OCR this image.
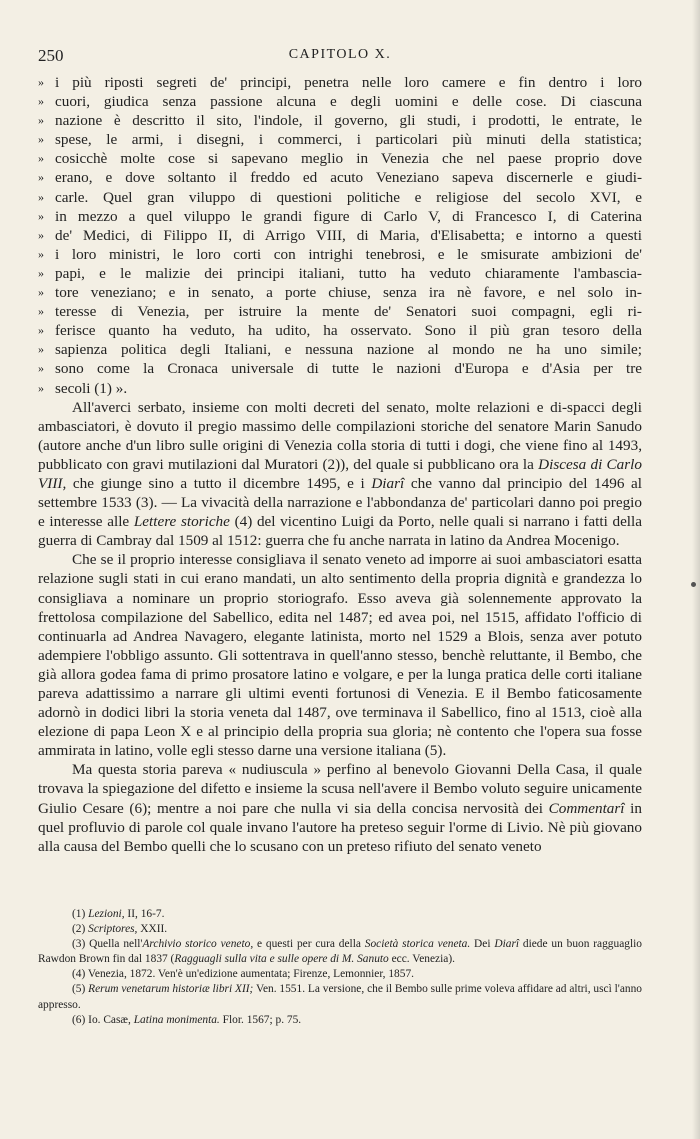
250	CAPITOLO X.
» i più riposti segreti de' principi, penetra nelle loro camere e fin dentro i loro
» cuori, giudica senza passione alcuna e degli uomini e delle cose. Di ciascuna
» nazione è descritto il sito, l'indole, il governo, gli studi, i prodotti, le entrate, le
» spese, le armi, i disegni, i commerci, i particolari più minuti della statistica;
» cosicchè molte cose si sapevano meglio in Venezia che nel paese proprio dove
» erano, e dove soltanto il freddo ed acuto Veneziano sapeva discernerle e giudi-
» carle. Quel gran viluppo di questioni politiche e religiose del secolo XVI, e
» in mezzo a quel viluppo le grandi figure di Carlo V, di Francesco I, di Caterina
» de' Medici, di Filippo II, di Arrigo VIII, di Maria, d'Elisabetta; e intorno a questi
» i loro ministri, le loro corti con intrighi tenebrosi, e le smisurate ambizioni de'
» papi, e le malizie dei principi italiani, tutto ha veduto chiaramente l'ambascia-
» tore veneziano; e in senato, a porte chiuse, senza ira nè favore, e nel solo in-
» teresse di Venezia, per istruire la mente de' Senatori suoi compagni, egli ri-
» ferisce quanto ha veduto, ha udito, ha osservato. Sono il più gran tesoro della
» sapienza politica degli Italiani, e nessuna nazione al mondo ne ha uno simile;
» sono come la Cronaca universale di tutte le nazioni d'Europa e d'Asia per tre
» secoli (1) ».

All'averci serbato, insieme con molti decreti del senato, molte relazioni e di-spacci degli ambasciatori, è dovuto il pregio massimo delle compilazioni storiche del senatore Marin Sanudo (autore anche d'un libro sulle origini di Venezia colla storia di tutti i dogi, che viene fino al 1493, pubblicato con gravi mutilazioni dal Muratori (2)), del quale si pubblicano ora la Discesa di Carlo VIII, che giunge sino a tutto il dicembre 1495, e i Diarî che vanno dal principio del 1496 al settembre 1533 (3). — La vivacità della narrazione e l'abbondanza de' particolari danno poi pregio e interesse alle Lettere storiche (4) del vicentino Luigi da Porto, nelle quali si narrano i fatti della guerra di Cambray dal 1509 al 1512: guerra che fu anche narrata in latino da Andrea Mocenigo.

Che se il proprio interesse consigliava il senato veneto ad imporre ai suoi ambasciatori esatta relazione sugli stati in cui erano mandati, un alto sentimento della propria dignità e grandezza lo consigliava a nominare un proprio storiografo. Esso aveva già solennemente approvato la frettolosa compilazione del Sabellico, edita nel 1487; ed avea poi, nel 1515, affidato l'officio di continuarla ad Andrea Navagero, elegante latinista, morto nel 1529 a Blois, senza aver potuto adempiere l'obbligo assunto. Gli sottentrava in quell'anno stesso, benchè reluttante, il Bembo, che già allora godea fama di primo prosatore latino e volgare, e per la lunga pratica delle corti italiane pareva adattissimo a narrare gli ultimi eventi fortunosi di Venezia. E il Bembo faticosamente adornò in dodici libri la storia veneta dal 1487, ove terminava il Sabellico, fino al 1513, cioè alla elezione di papa Leon X e al principio della propria sua gloria; nè contento che l'opera sua fosse ammirata in latino, volle egli stesso darne una versione italiana (5).

Ma questa storia pareva « nudiuscula » perfino al benevolo Giovanni Della Casa, il quale trovava la spiegazione del difetto e insieme la scusa nell'avere il Bembo voluto seguire unicamente Giulio Cesare (6); mentre a noi pare che nulla vi sia della concisa nervosità dei Commentarî in quel profluvio di parole col quale invano l'autore ha preteso seguir l'orme di Livio. Nè più giovano alla causa del Bembo quelli che lo scusano con un preteso rifiuto del senato veneto

(1) Lezioni, II, 16-7.

(2) Scriptores, XXII.

(3) Quella nell'Archivio storico veneto, e questi per cura della Società storica veneta. Dei Diarî diede un buon ragguaglio Rawdon Brown fin dal 1837 (Ragguagli sulla vita e sulle opere di M. Sanuto ecc. Venezia).

(4) Venezia, 1872. Ven'è un'edizione aumentata; Firenze, Lemonnier, 1857.

(5) Rerum venetarum historiæ libri XII; Ven. 1551. La versione, che il Bembo sulle prime voleva affidare ad altri, uscì l'anno appresso.

(6) Io. Casæ, Latina monimenta. Flor. 1567; p. 75.
